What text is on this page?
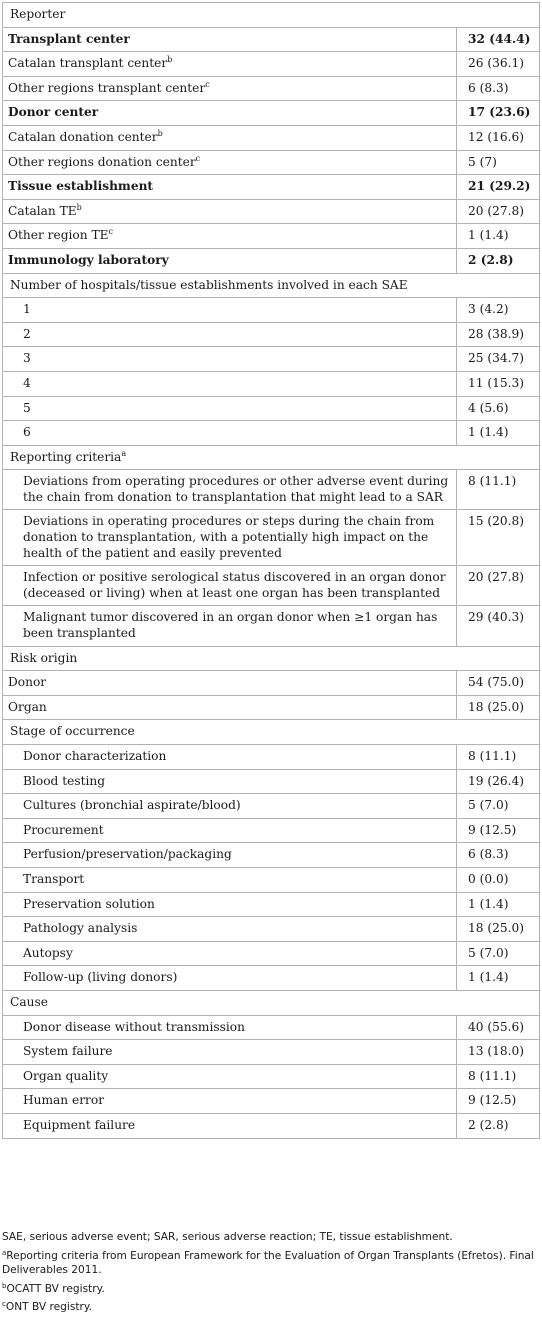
Reporter	
Transplant center	32 (44.4)
Catalan transplant center$^b$	26 (36.1)
Other regions transplant center$^c$	6 (8.3)
Donor center	17 (23.6)
Catalan donation center$^b$	12 (16.6)
Other regions donation center$^c$	5 (7)
Tissue establishment	21 (29.2)
Catalan $TE^b$	20 (27.8)
Other region $TE^c$	1 (1.4)
Immunology laboratory	2 (2.8)
Number of hospitals/tissue establishments involved in each SAE	
1	3 (4.2)
2	28 (38.9)
3	25 (34.7)
4	11 (15.3)
5	4 (5.6)
6	1 (1.4)
Reporting criteria$^a$
Deviations from operating procedures or other adverse event during the chain from donation to transplantation that might lead to a SAR	8 (11.1)
Deviations in operating procedures or steps during the chain from donation to transplantation, with a potentially high impact on the health of the patient and easily prevented	15 (20.8)
Infection or positive serological status discovered in an organ donor (deceased or living) when at least one organ has been transplanted	20 (27.8)
Malignant tumor discovered in an organ donor when ≥1 organ has been transplanted	29 (40.3)
Risk origin	
Donor	54 (75.0)
Organ	18 (25.0)
Stage of occurrence	
Donor characterization	8 (11.1)
Blood testing	19 (26.4)
Cultures (bronchial aspirate/blood)	5 (7.0)
Procurement	9 (12.5)
Perfusion/preservation/packaging	6 (8.3)
Transport	0 (0.0)
Preservation solution	1 (1.4)
Pathology analysis	18 (25.0)
Autopsy	5 (7.0)
Follow-up (living donors)	1 (1.4)
Cause	
Donor disease without transmission	40 (55.6)
System failure	13 (18.0)
Organ quality	8 (11.1)
Human error	9 (12.5)
Equipment failure	2 (2.8)
SAE, serious adverse event; SAR, serious adverse reaction; TE, tissue establishment.
$^a$Reporting criteria from European Framework for the Evaluation of Organ Transplants (Efretos). Final Deliverables 2011.
$^b$OCATT BV registry.
$^c$ONT BV registry.
